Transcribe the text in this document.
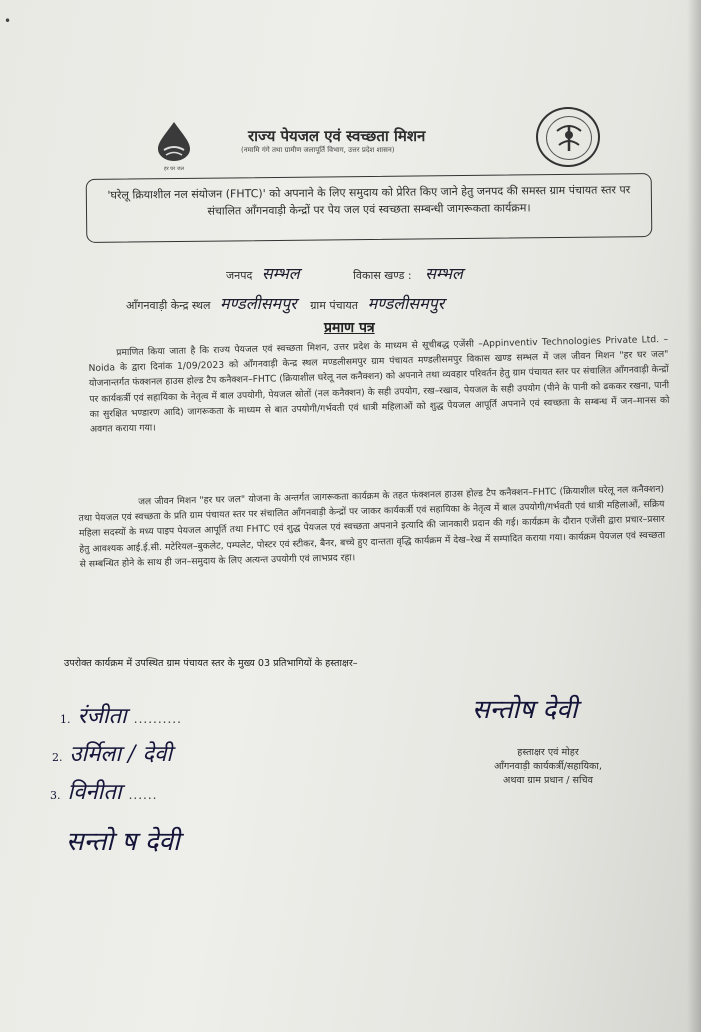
•
हर घर जल
राज्य पेयजल एवं स्वच्छता मिशन
(नमामि गंगे तथा ग्रामीण जलापूर्ति विभाग, उत्तर प्रदेश शासन)
'घरेलू क्रियाशील नल संयोजन (FHTC)' को अपनाने के लिए समुदाय को प्रेरित किए जाने हेतु जनपद की समस्त ग्राम पंचायत स्तर पर संचालित आँगनवाड़ी केन्द्रों पर पेय जल एवं स्वच्छता सम्बन्धी जागरूकता कार्यक्रम।
जनपद सम्भल	विकास खण्ड : सम्भल
आँगनवाड़ी केन्द्र स्थल मण्डलीसमपुर ग्राम पंचायत मण्डलीसमपुर
प्रमाण पत्र

प्रमाणित किया जाता है कि राज्य पेयजल एवं स्वच्छता मिशन, उत्तर प्रदेश के माध्यम से सूचीबद्ध एजेंसी –Appinventiv Technologies Private Ltd. – Noida के द्वारा दिनांक 1/09/2023 को आँगनवाड़ी केन्द्र स्थल मण्डलीसमपुर ग्राम पंचायत मण्डलीसमपुर विकास खण्ड सम्भल में जल जीवन मिशन "हर घर जल" योजनान्तर्गत फंक्शनल हाउस होल्ड टैप कनैक्शन–FHTC (क्रियाशील घरेलू नल कनैक्शन) को अपनाने तथा व्यवहार परिवर्तन हेतु ग्राम पंचायत स्तर पर संचालित आँगनवाड़ी केन्द्रों पर कार्यकर्त्री एवं सहायिका के नेतृत्व में बाल उपयोगी, पेयजल स्रोतों (नल कनैक्शन) के सही उपयोग, रख–रखाव, पेयजल के सही उपयोग (पीने के पानी को ढककर रखना, पानी का सुरक्षित भण्डारण आदि) जागरूकता के माध्यम से बात उपयोगी/गर्भवती एवं धात्री महिलाओं को शुद्ध पेयजल आपूर्ति अपनाने एवं स्वच्छता के सम्बन्ध में जन–मानस को अवगत कराया गया।

जल जीवन मिशन "हर घर जल" योजना के अन्तर्गत जागरूकता कार्यक्रम के तहत फंक्शनल हाउस होल्ड टैप कनैक्शन–FHTC (क्रियाशील घरेलू नल कनैक्शन) तथा पेयजल एवं स्वच्छता के प्रति ग्राम पंचायत स्तर पर संचालित आँगनवाड़ी केन्द्रों पर जाकर कार्यकर्त्री एवं सहायिका के नेतृत्व में बाल उपयोगी/गर्भवती एवं धात्री महिलाओं, सक्रिय महिला सदस्यों के मध्य पाइप पेयजल आपूर्ति तथा FHTC एवं शुद्ध पेयजल एवं स्वच्छता अपनाने इत्यादि की जानकारी प्रदान की गई। कार्यक्रम के दौरान एजेंसी द्वारा प्रचार–प्रसार हेतु आवश्यक आई.ई.सी. मटेरियल–बुकलेट, पम्पलेट, पोस्टर एवं स्टीकर, बैनर, बच्चे हुए दान्तता वृद्धि कार्यक्रम में देख–रेख में सम्पादित कराया गया। कार्यक्रम पेयजल एवं स्वच्छता से सम्बन्धित होने के साथ ही जन–समुदाय के लिए अत्यन्त उपयोगी एवं लाभप्रद रहा।

उपरोक्त कार्यक्रम में उपस्थित ग्राम पंचायत स्तर के मुख्य 03 प्रतिभागियों के हस्ताक्षर–
1. रंजीता ..........
2. उर्मिला / देवी
3. विनीता ......
सन्तो ष देवी
सन्तोष देवी
हस्ताक्षर एवं मोहर
आँगनवाड़ी कार्यकर्त्री/सहायिका,
अथवा ग्राम प्रधान / सचिव
